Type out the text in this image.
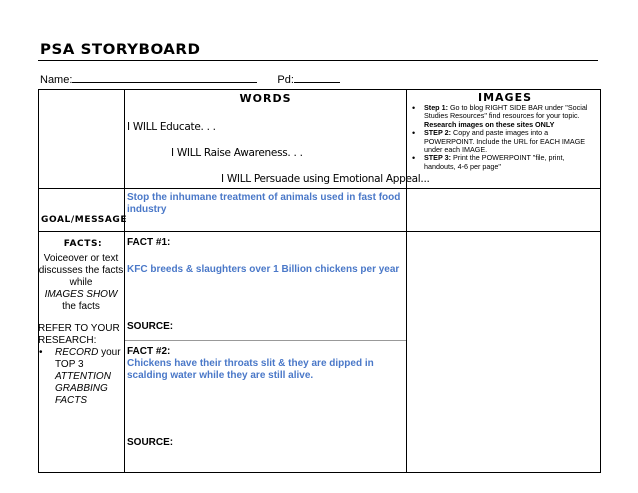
PSA STORYBOARD
Name:	Pd:
WORDS
I WILL Educate. . .
I WILL Raise Awareness. . .
I WILL Persuade using Emotional Appeal...
IMAGES
• Step 1: Go to blog RIGHT SIDE BAR under "Social Studies Resources" find resources for your topic. Research images on these sites ONLY
• STEP 2: Copy and paste images into a POWERPOINT. Include the URL for EACH IMAGE under each IMAGE.
• STEP 3: Print the POWERPOINT "file, print, handouts, 4-6 per page"
GOAL/MESSAGE
Stop the inhumane treatment of animals used in fast food industry
FACTS:
Voiceover or text discusses the facts while
IMAGES SHOW
the facts
REFER TO YOUR RESEARCH:
• RECORD your TOP 3 ATTENTION GRABBING FACTS
FACT #1:
KFC breeds & slaughters over 1 Billion chickens per year
SOURCE:
FACT #2:
Chickens have their throats slit & they are dipped in scalding water while they are still alive.
SOURCE:
